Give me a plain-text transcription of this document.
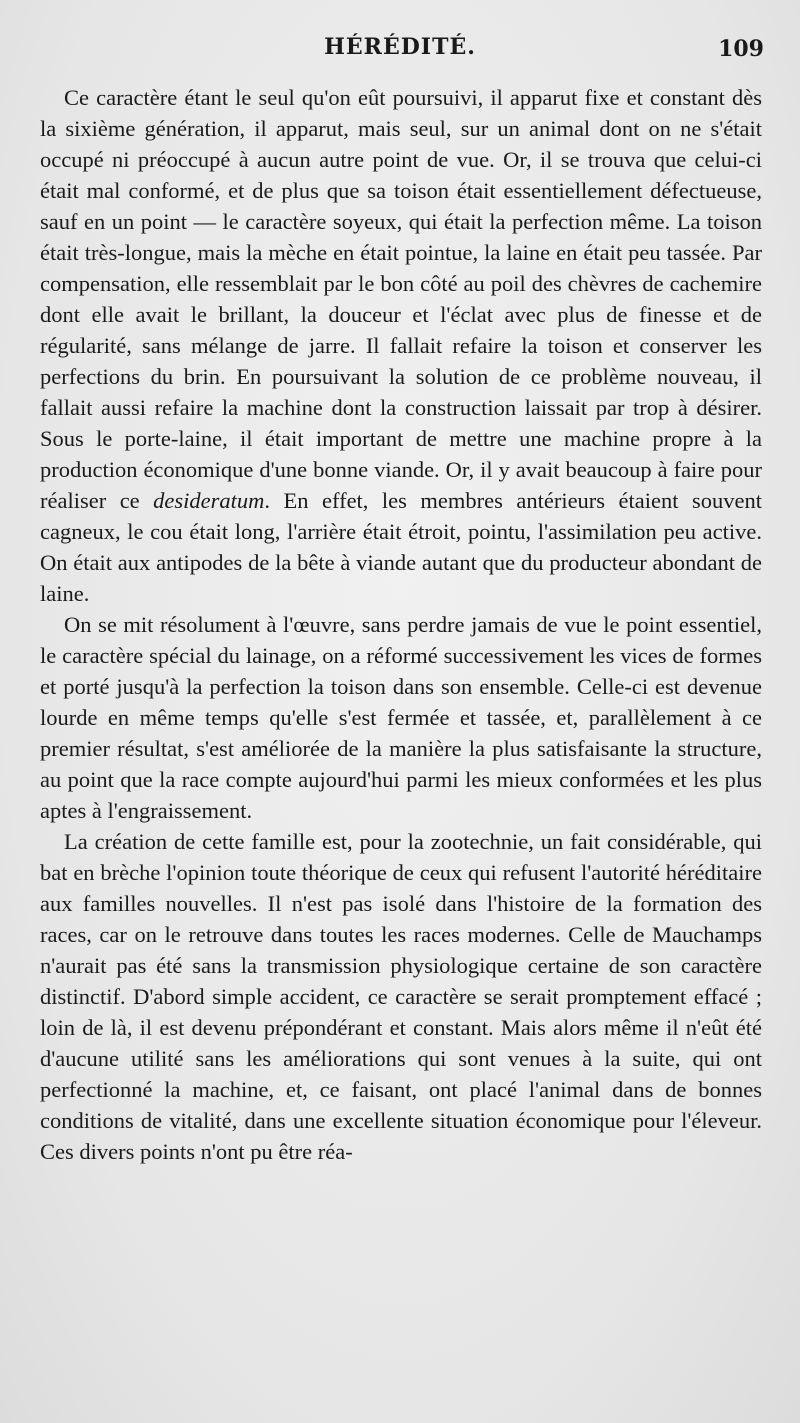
HÉRÉDITÉ.	109

Ce caractère étant le seul qu'on eût poursuivi, il apparut fixe et constant dès la sixième génération, il apparut, mais seul, sur un animal dont on ne s'était occupé ni préoccupé à aucun autre point de vue. Or, il se trouva que celui-ci était mal conformé, et de plus que sa toison était essentiellement défectueuse, sauf en un point — le caractère soyeux, qui était la perfection même. La toison était très-longue, mais la mèche en était pointue, la laine en était peu tassée. Par compensation, elle ressemblait par le bon côté au poil des chèvres de cachemire dont elle avait le brillant, la douceur et l'éclat avec plus de finesse et de régularité, sans mélange de jarre. Il fallait refaire la toison et conserver les perfections du brin. En poursuivant la solution de ce problème nouveau, il fallait aussi refaire la machine dont la construction laissait par trop à désirer. Sous le porte-laine, il était important de mettre une machine propre à la production économique d'une bonne viande. Or, il y avait beaucoup à faire pour réaliser ce desideratum. En effet, les membres antérieurs étaient souvent cagneux, le cou était long, l'arrière était étroit, pointu, l'assimilation peu active. On était aux antipodes de la bête à viande autant que du producteur abondant de laine.

On se mit résolument à l'œuvre, sans perdre jamais de vue le point essentiel, le caractère spécial du lainage, on a réformé successivement les vices de formes et porté jusqu'à la perfection la toison dans son ensemble. Celle-ci est devenue lourde en même temps qu'elle s'est fermée et tassée, et, parallèlement à ce premier résultat, s'est améliorée de la manière la plus satisfaisante la structure, au point que la race compte aujourd'hui parmi les mieux conformées et les plus aptes à l'engraissement.

La création de cette famille est, pour la zootechnie, un fait considérable, qui bat en brèche l'opinion toute théorique de ceux qui refusent l'autorité héréditaire aux familles nouvelles. Il n'est pas isolé dans l'histoire de la formation des races, car on le retrouve dans toutes les races modernes. Celle de Mauchamps n'aurait pas été sans la transmission physiologique certaine de son caractère distinctif. D'abord simple accident, ce caractère se serait promptement effacé ; loin de là, il est devenu prépondérant et constant. Mais alors même il n'eût été d'aucune utilité sans les améliorations qui sont venues à la suite, qui ont perfectionné la machine, et, ce faisant, ont placé l'animal dans de bonnes conditions de vitalité, dans une excellente situation économique pour l'éleveur. Ces divers points n'ont pu être réa-
